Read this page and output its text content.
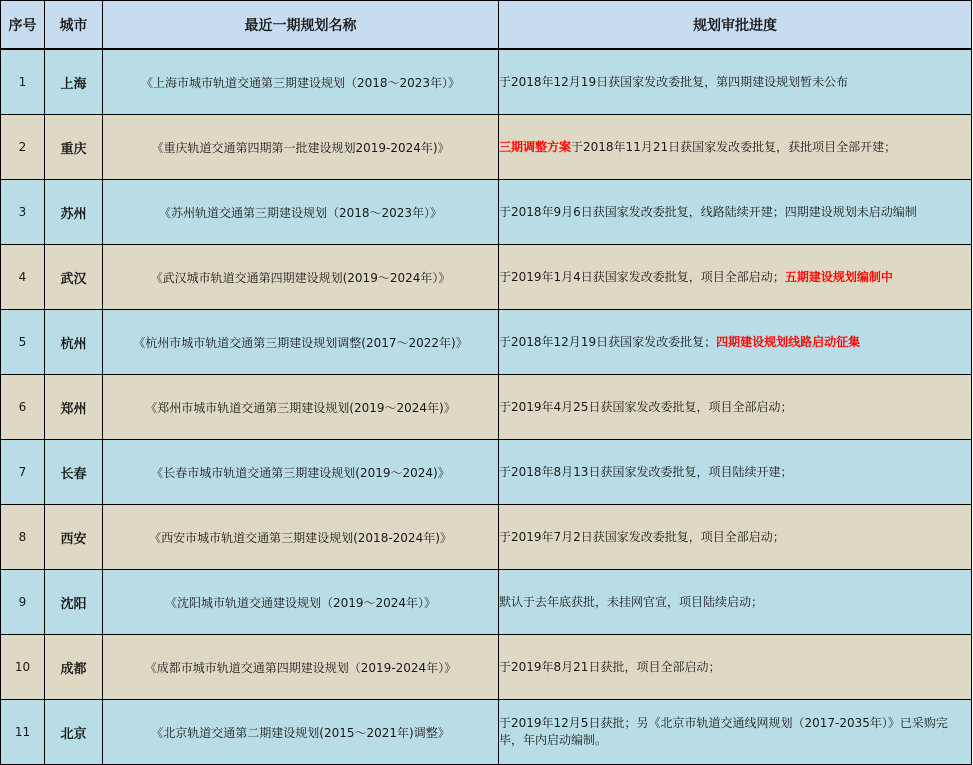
序号	城市	最近一期规划名称	规划审批进度
1	上海	《上海市城市轨道交通第三期建设规划（2018～2023年）》	于2018年12月19日获国家发改委批复，第四期建设规划暂未公布
2	重庆	《重庆轨道交通第四期第一批建设规划2019-2024年)》	三期调整方案于2018年11月21日获国家发改委批复，获批项目全部开建；
3	苏州	《苏州轨道交通第三期建设规划（2018～2023年）》	于2018年9月6日获国家发改委批复，线路陆续开建；四期建设规划未启动编制
4	武汉	《武汉城市轨道交通第四期建设规划(2019～2024年）》	于2019年1月4日获国家发改委批复，项目全部启动；五期建设规划编制中
5	杭州	《杭州市城市轨道交通第三期建设规划调整(2017～2022年)》	于2018年12月19日获国家发改委批复；四期建设规划线路启动征集
6	郑州	《郑州市城市轨道交通第三期建设规划(2019～2024年)》	于2019年4月25日获国家发改委批复，项目全部启动；
7	长春	《长春市城市轨道交通第三期建设规划(2019～2024)》	于2018年8月13日获国家发改委批复，项目陆续开建；
8	西安	《西安市城市轨道交通第三期建设规划(2018-2024年)》	于2019年7月2日获国家发改委批复，项目全部启动；
9	沈阳	《沈阳城市轨道交通建设规划（2019～2024年）》	默认于去年底获批，未挂网官宣，项目陆续启动；
10	成都	《成都市城市轨道交通第四期建设规划（2019-2024年）》	于2019年8月21日获批，项目全部启动；
11	北京	《北京轨道交通第二期建设规划(2015～2021年)调整》	于2019年12月5日获批；另《北京市轨道交通线网规划（2017-2035年）》已采购完毕，年内启动编制。
